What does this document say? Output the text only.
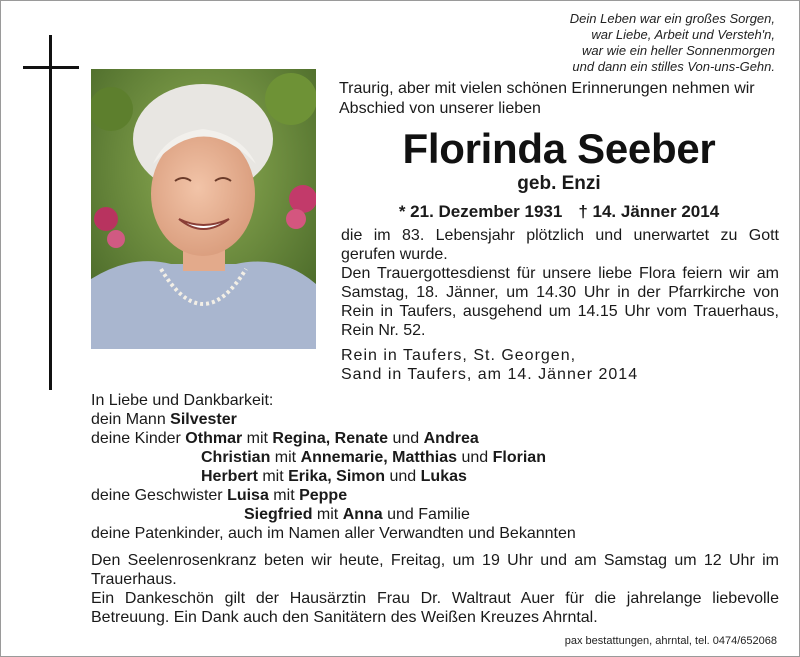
Dein Leben war ein großes Sorgen,
war Liebe, Arbeit und Versteh'n,
war wie ein heller Sonnenmorgen
und dann ein stilles Von-uns-Gehn.
Traurig, aber mit vielen schönen Erinnerungen nehmen wir Abschied von unserer lieben
Florinda Seeber
geb. Enzi
* 21. Dezember 1931 † 14. Jänner 2014
die im 83. Lebensjahr plötzlich und unerwartet zu Gott gerufen wurde.
Den Trauergottesdienst für unsere liebe Flora feiern wir am Samstag, 18. Jänner, um 14.30 Uhr in der Pfarrkirche von Rein in Taufers, ausgehend um 14.15 Uhr vom Trauerhaus, Rein Nr. 52.
Rein in Taufers, St. Georgen,
Sand in Taufers, am 14. Jänner 2014
In Liebe und Dankbarkeit:
dein Mann Silvester
deine Kinder Othmar mit Regina, Renate und Andrea
Christian mit Annemarie, Matthias und Florian
Herbert mit Erika, Simon und Lukas
deine Geschwister Luisa mit Peppe
Siegfried mit Anna und Familie
deine Patenkinder, auch im Namen aller Verwandten und Bekannten
Den Seelenrosenkranz beten wir heute, Freitag, um 19 Uhr und am Samstag um 12 Uhr im Trauerhaus.
Ein Dankeschön gilt der Hausärztin Frau Dr. Waltraut Auer für die jahrelange liebevolle Betreuung. Ein Dank auch den Sanitätern des Weißen Kreuzes Ahrntal.
pax bestattungen, ahrntal, tel. 0474/652068
